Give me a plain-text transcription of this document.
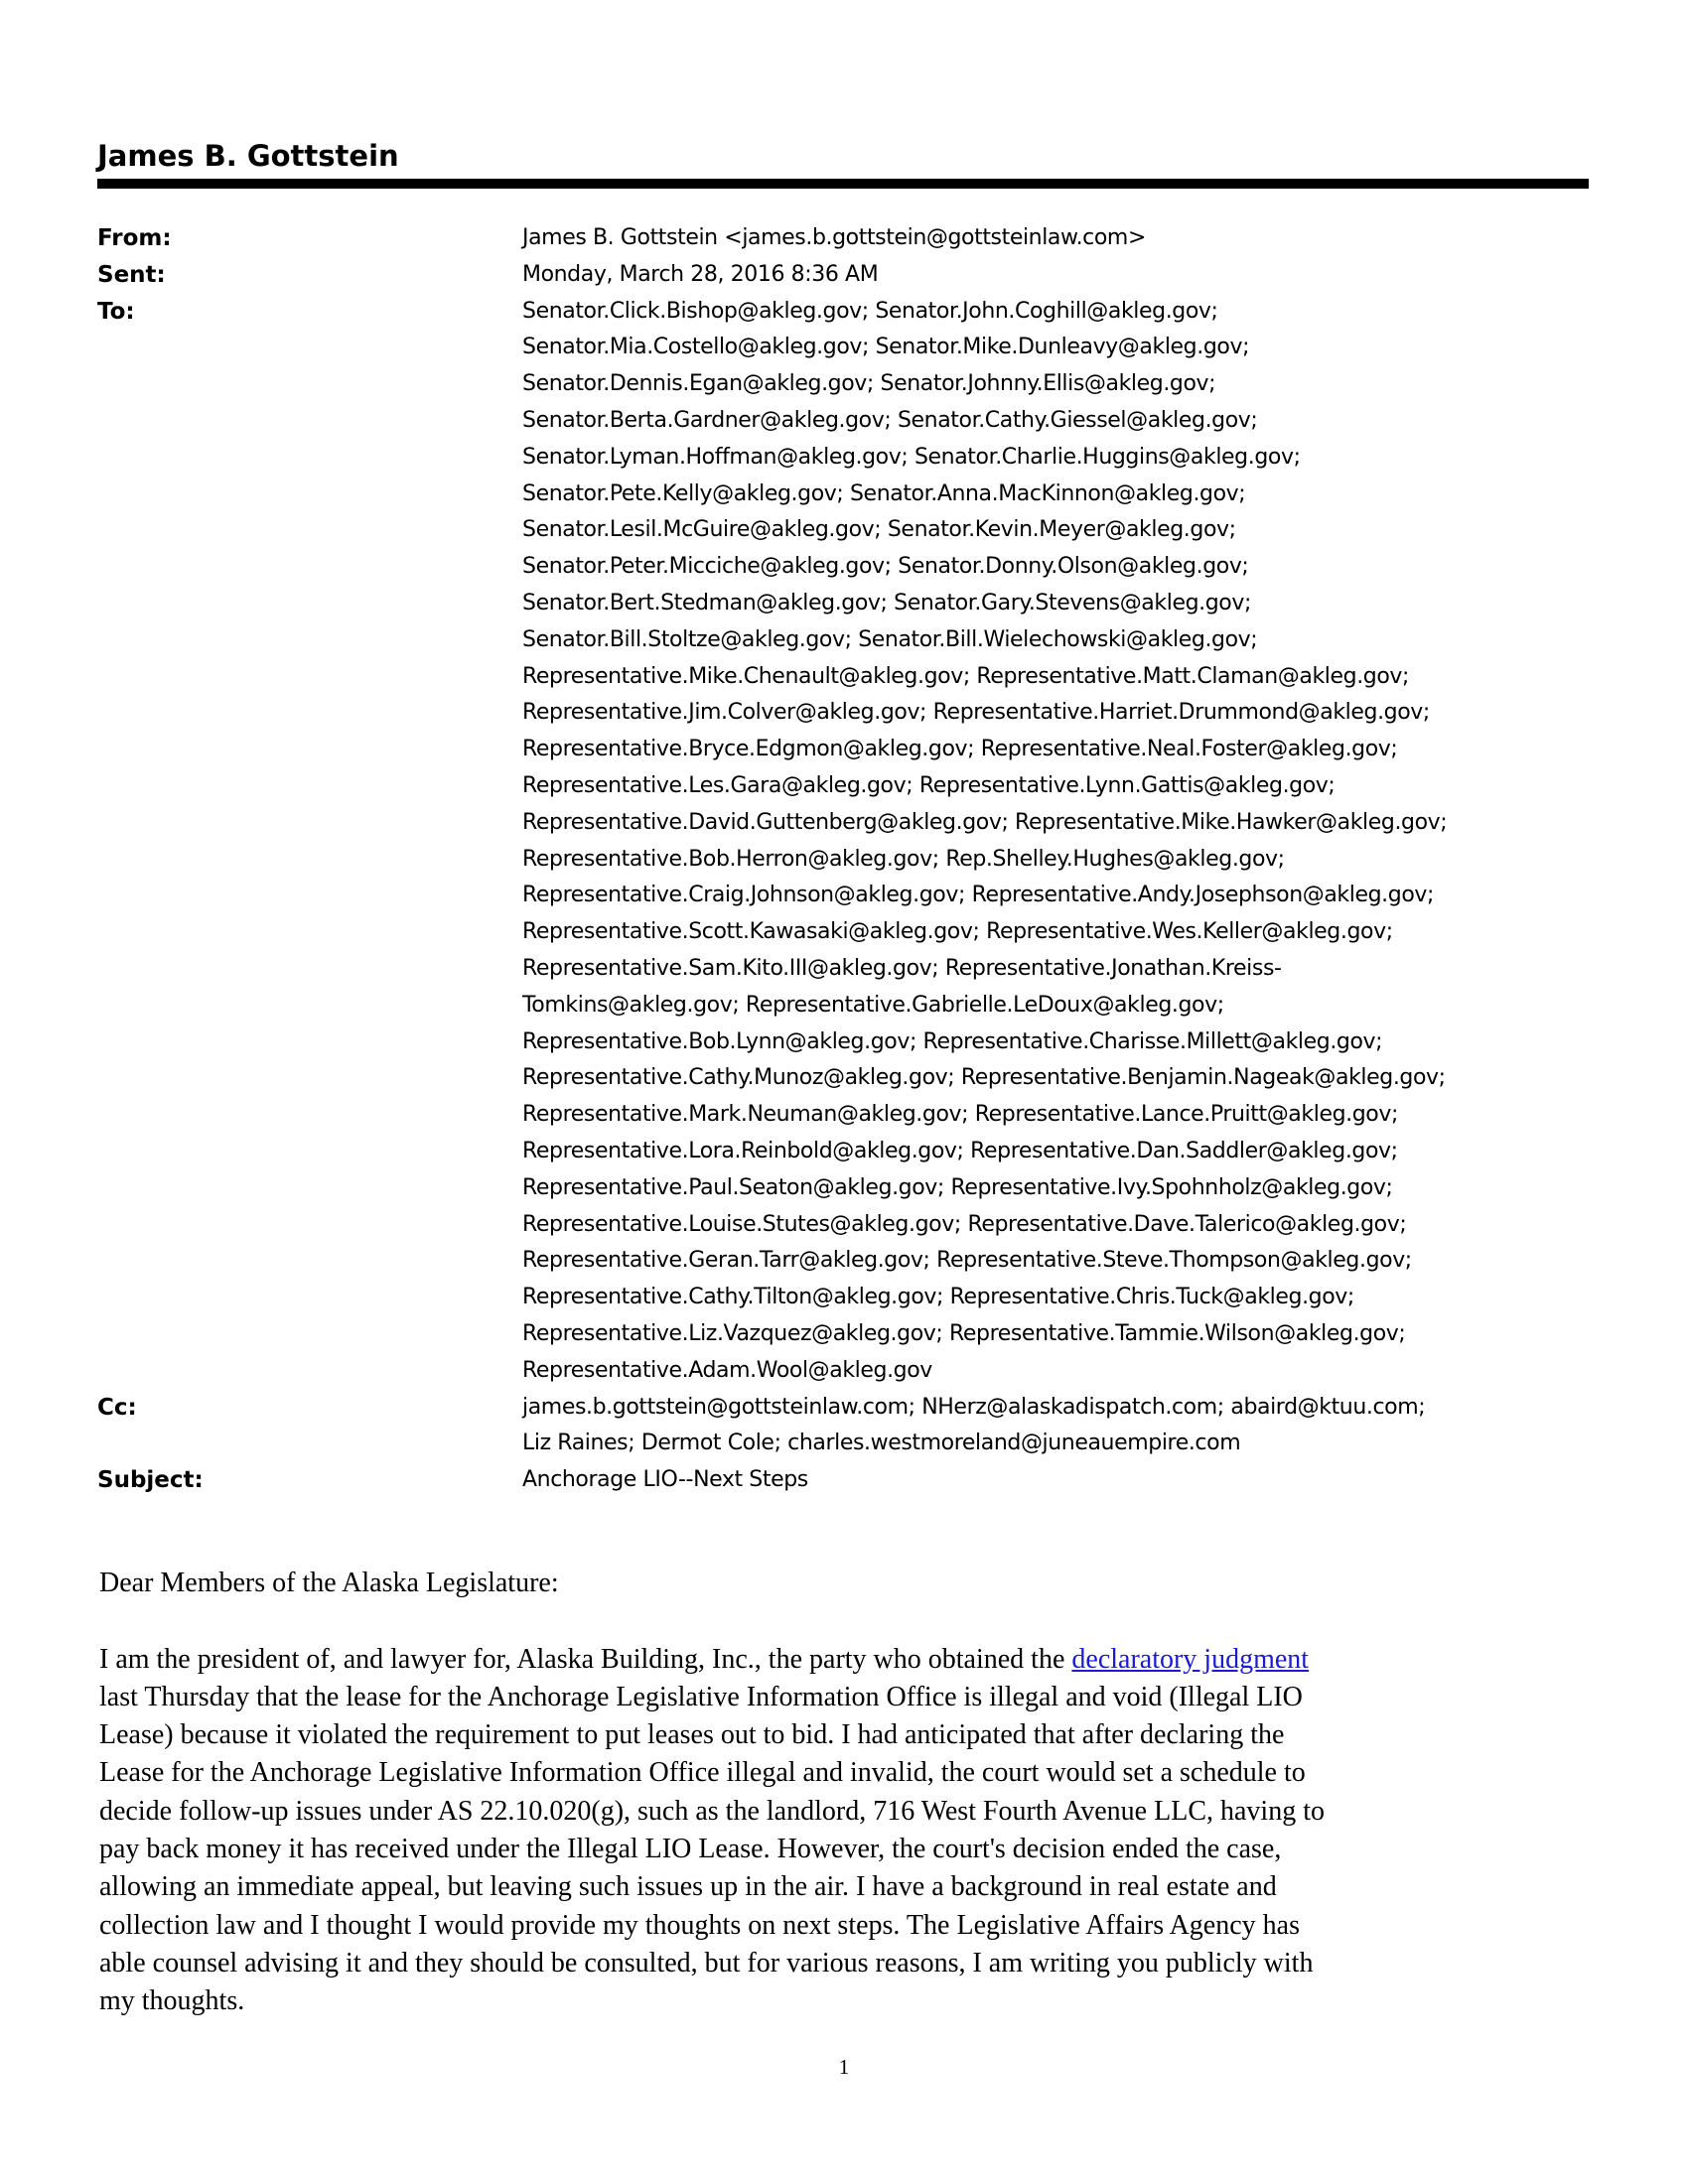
James B. Gottstein
From:	James B. Gottstein <james.b.gottstein@gottsteinlaw.com>
Sent:	Monday, March 28, 2016 8:36 AM
To:	Senator.Click.Bishop@akleg.gov; Senator.John.Coghill@akleg.gov;
Senator.Mia.Costello@akleg.gov; Senator.Mike.Dunleavy@akleg.gov;
Senator.Dennis.Egan@akleg.gov; Senator.Johnny.Ellis@akleg.gov;
Senator.Berta.Gardner@akleg.gov; Senator.Cathy.Giessel@akleg.gov;
Senator.Lyman.Hoffman@akleg.gov; Senator.Charlie.Huggins@akleg.gov;
Senator.Pete.Kelly@akleg.gov; Senator.Anna.MacKinnon@akleg.gov;
Senator.Lesil.McGuire@akleg.gov; Senator.Kevin.Meyer@akleg.gov;
Senator.Peter.Micciche@akleg.gov; Senator.Donny.Olson@akleg.gov;
Senator.Bert.Stedman@akleg.gov; Senator.Gary.Stevens@akleg.gov;
Senator.Bill.Stoltze@akleg.gov; Senator.Bill.Wielechowski@akleg.gov;
Representative.Mike.Chenault@akleg.gov; Representative.Matt.Claman@akleg.gov;
Representative.Jim.Colver@akleg.gov; Representative.Harriet.Drummond@akleg.gov;
Representative.Bryce.Edgmon@akleg.gov; Representative.Neal.Foster@akleg.gov;
Representative.Les.Gara@akleg.gov; Representative.Lynn.Gattis@akleg.gov;
Representative.David.Guttenberg@akleg.gov; Representative.Mike.Hawker@akleg.gov;
Representative.Bob.Herron@akleg.gov; Rep.Shelley.Hughes@akleg.gov;
Representative.Craig.Johnson@akleg.gov; Representative.Andy.Josephson@akleg.gov;
Representative.Scott.Kawasaki@akleg.gov; Representative.Wes.Keller@akleg.gov;
Representative.Sam.Kito.III@akleg.gov; Representative.Jonathan.Kreiss-
Tomkins@akleg.gov; Representative.Gabrielle.LeDoux@akleg.gov;
Representative.Bob.Lynn@akleg.gov; Representative.Charisse.Millett@akleg.gov;
Representative.Cathy.Munoz@akleg.gov; Representative.Benjamin.Nageak@akleg.gov;
Representative.Mark.Neuman@akleg.gov; Representative.Lance.Pruitt@akleg.gov;
Representative.Lora.Reinbold@akleg.gov; Representative.Dan.Saddler@akleg.gov;
Representative.Paul.Seaton@akleg.gov; Representative.Ivy.Spohnholz@akleg.gov;
Representative.Louise.Stutes@akleg.gov; Representative.Dave.Talerico@akleg.gov;
Representative.Geran.Tarr@akleg.gov; Representative.Steve.Thompson@akleg.gov;
Representative.Cathy.Tilton@akleg.gov; Representative.Chris.Tuck@akleg.gov;
Representative.Liz.Vazquez@akleg.gov; Representative.Tammie.Wilson@akleg.gov;
Representative.Adam.Wool@akleg.gov
Cc:	james.b.gottstein@gottsteinlaw.com; NHerz@alaskadispatch.com; abaird@ktuu.com;
Liz Raines; Dermot Cole; charles.westmoreland@juneauempire.com
Subject:	Anchorage LIO--Next Steps

Dear Members of the Alaska Legislature:

I am the president of, and lawyer for, Alaska Building, Inc., the party who obtained the declaratory judgment
last Thursday that the lease for the Anchorage Legislative Information Office is illegal and void (Illegal LIO
Lease) because it violated the requirement to put leases out to bid. I had anticipated that after declaring the
Lease for the Anchorage Legislative Information Office illegal and invalid, the court would set a schedule to
decide follow-up issues under AS 22.10.020(g), such as the landlord, 716 West Fourth Avenue LLC, having to
pay back money it has received under the Illegal LIO Lease. However, the court's decision ended the case,
allowing an immediate appeal, but leaving such issues up in the air. I have a background in real estate and
collection law and I thought I would provide my thoughts on next steps. The Legislative Affairs Agency has
able counsel advising it and they should be consulted, but for various reasons, I am writing you publicly with
my thoughts.

1
